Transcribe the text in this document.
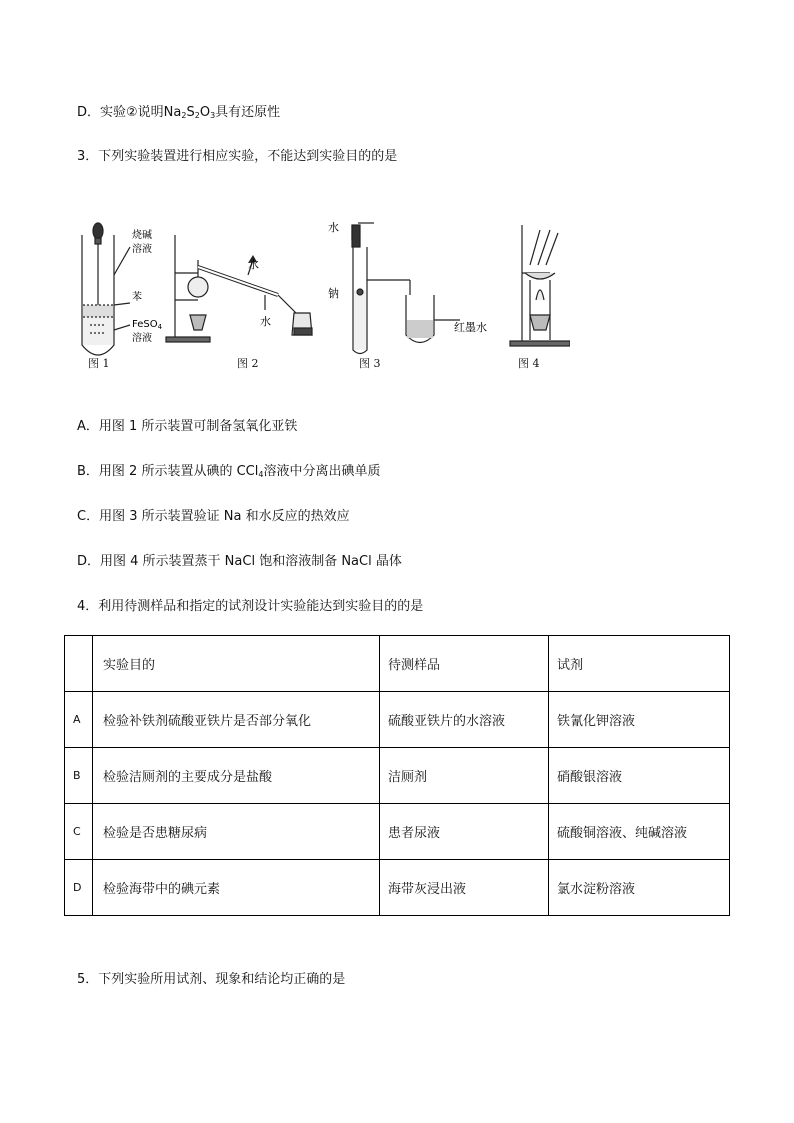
D．实验②说明$Na_2S_2O_3$具有还原性
3．下列实验装置进行相应实验，不能达到实验目的的是
烧碱
溶液
苯
FeSO$_4$
溶液
水
水
水
钠
红墨水
图 1	图 2	图 3	图 4
A．用图 1 所示装置可制备氢氧化亚铁
B．用图 2 所示装置从碘的 CCl$_4$溶液中分离出碘单质
C．用图 3 所示装置验证 Na 和水反应的热效应
D．用图 4 所示装置蒸干 NaCl 饱和溶液制备 NaCl 晶体
4．利用待测样品和指定的试剂设计实验能达到实验目的的是
	实验目的	待测样品	试剂
A	检验补铁剂硫酸亚铁片是否部分氧化	硫酸亚铁片的水溶液	铁氰化钾溶液
B	检验洁厕剂的主要成分是盐酸	洁厕剂	硝酸银溶液
C	检验是否患糖尿病	患者尿液	硫酸铜溶液、纯碱溶液
D	检验海带中的碘元素	海带灰浸出液	氯水淀粉溶液
5．下列实验所用试剂、现象和结论均正确的是
